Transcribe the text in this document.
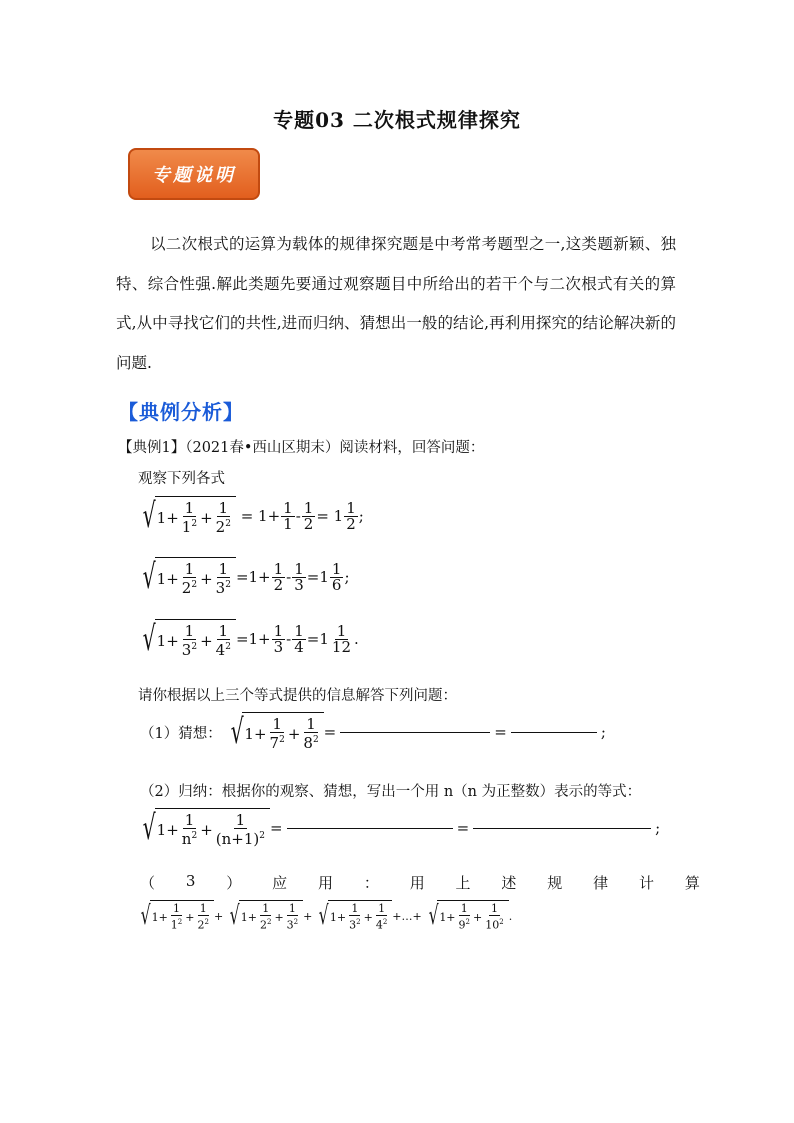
专题03 二次根式规律探究
专题说明

以二次根式的运算为载体的规律探究题是中考常考题型之一,这类题新颖、独特、综合性强.解此类题先要通过观察题目中所给出的若干个与二次根式有关的算式,从中寻找它们的共性,进而归纳、猜想出一般的结论,再利用探究的结论解决新的问题.

【典例分析】
【典例1】（2021春•西山区期末）阅读材料，回答问题：
观察下列各式
√ $1+ \frac{1}{1^2} + \frac{1}{2^2} = 1+ \frac{1}{1} - \frac{1}{2} = 1 \frac{1}{2}$ ;
√ $1+ \frac{1}{2^2} + \frac{1}{3^2} =1+ \frac{1}{2} - \frac{1}{3} =1 \frac{1}{6}$ ;
√ $1+ \frac{1}{3^2} + \frac{1}{4^2} =1+ \frac{1}{3} - \frac{1}{4} =1 \frac{1}{12}$ .
请你根据以上三个等式提供的信息解答下列问题：
（1）猜想： √ $1+ \frac{1}{7^2} + \frac{1}{8^2}$ =	=	;
（2）归纳：根据你的观察、猜想，写出一个用 n（n 为正整数）表示的等式：
√ $1+ \frac{1}{n^2} + \frac{1}{(n+1)^2}$ =	=	;
（ 3 ） 应 用 ： 用 上 述 规 律 计 算
√ $1+ \frac{1}{1^2} + \frac{1}{2^2}$ + √ $1+ \frac{1}{2^2} + \frac{1}{3^2}$ + √ $1+ \frac{1}{3^2} + \frac{1}{4^2}$ +…+ √ $1+ \frac{1}{9^2} + \frac{1}{10^2}$ .
